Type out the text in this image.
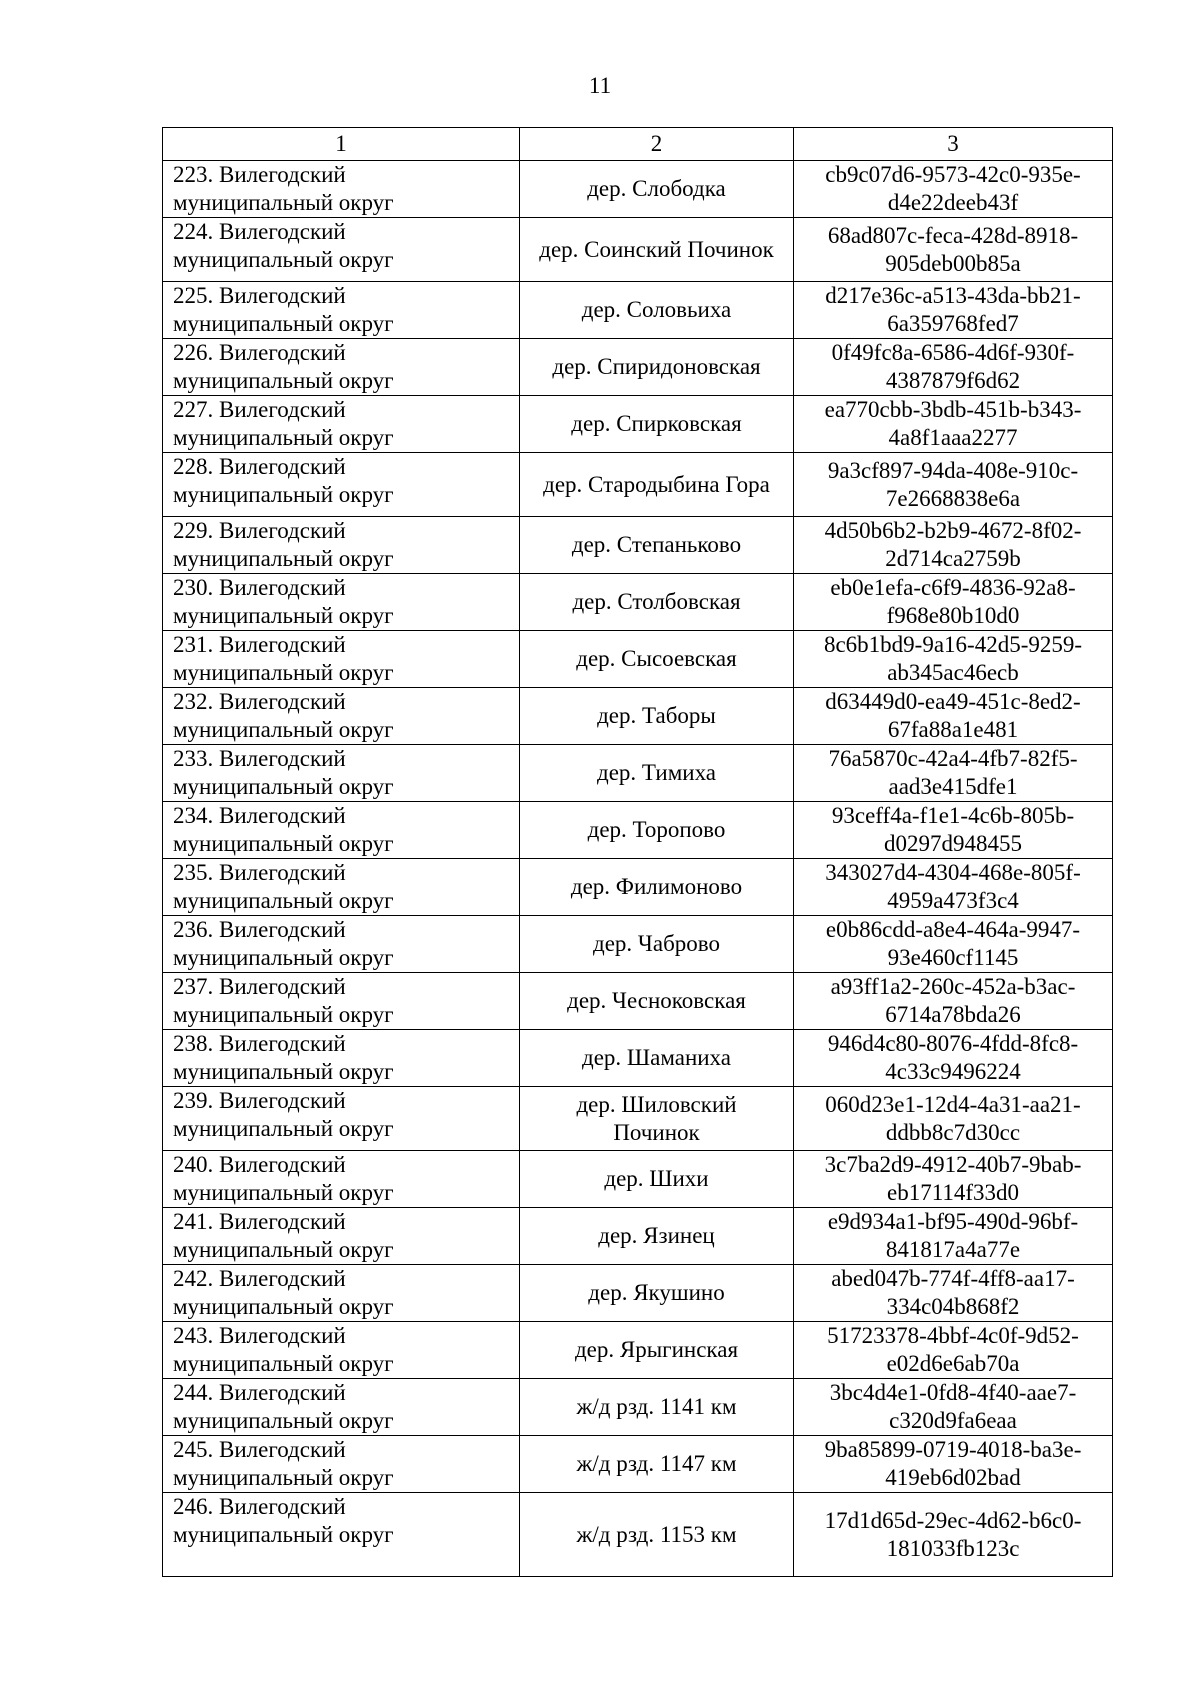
11
1	2	3

223. Вилегодский
муниципальный округ	дер. Слободка	cb9c07d6-9573-42c0-935e-
d4e22deeb43f

224. Вилегодский
муниципальный округ	дер. Соинский Починок	68ad807c-feca-428d-8918-
905deb00b85a

225. Вилегодский
муниципальный округ	дер. Соловьиха	d217e36c-a513-43da-bb21-
6a359768fed7

226. Вилегодский
муниципальный округ	дер. Спиридоновская	0f49fc8a-6586-4d6f-930f-
4387879f6d62

227. Вилегодский
муниципальный округ	дер. Спирковская	ea770cbb-3bdb-451b-b343-
4a8f1aaa2277

228. Вилегодский
муниципальный округ	дер. Стародыбина Гора	9a3cf897-94da-408e-910c-
7e2668838e6a

229. Вилегодский
муниципальный округ	дер. Степаньково	4d50b6b2-b2b9-4672-8f02-
2d714ca2759b

230. Вилегодский
муниципальный округ	дер. Столбовская	eb0e1efa-c6f9-4836-92a8-
f968e80b10d0

231. Вилегодский
муниципальный округ	дер. Сысоевская	8c6b1bd9-9a16-42d5-9259-
ab345ac46ecb

232. Вилегодский
муниципальный округ	дер. Таборы	d63449d0-ea49-451c-8ed2-
67fa88a1e481

233. Вилегодский
муниципальный округ	дер. Тимиха	76a5870c-42a4-4fb7-82f5-
aad3e415dfe1

234. Вилегодский
муниципальный округ	дер. Торопово	93ceff4a-f1e1-4c6b-805b-
d0297d948455

235. Вилегодский
муниципальный округ	дер. Филимоново	343027d4-4304-468e-805f-
4959a473f3c4

236. Вилегодский
муниципальный округ	дер. Чаброво	e0b86cdd-a8e4-464a-9947-
93e460cf1145

237. Вилегодский
муниципальный округ	дер. Чесноковская	a93ff1a2-260c-452a-b3ac-
6714a78bda26

238. Вилегодский
муниципальный округ	дер. Шаманиха	946d4c80-8076-4fdd-8fc8-
4c33c9496224

239. Вилегодский
муниципальный округ	дер. Шиловский Починок	060d23e1-12d4-4a31-aa21-
ddbb8c7d30cc

240. Вилегодский
муниципальный округ	дер. Шихи	3c7ba2d9-4912-40b7-9bab-
eb17114f33d0

241. Вилегодский
муниципальный округ	дер. Язинец	e9d934a1-bf95-490d-96bf-
841817a4a77e

242. Вилегодский
муниципальный округ	дер. Якушино	abed047b-774f-4ff8-aa17-
334c04b868f2

243. Вилегодский
муниципальный округ	дер. Ярыгинская	51723378-4bbf-4c0f-9d52-
e02d6e6ab70a

244. Вилегодский
муниципальный округ	ж/д рзд. 1141 км	3bc4d4e1-0fd8-4f40-aae7-
c320d9fa6eaa

245. Вилегодский
муниципальный округ	ж/д рзд. 1147 км	9ba85899-0719-4018-ba3e-
419eb6d02bad

246. Вилегодский
муниципальный округ	ж/д рзд. 1153 км	17d1d65d-29ec-4d62-b6c0-
181033fb123c
